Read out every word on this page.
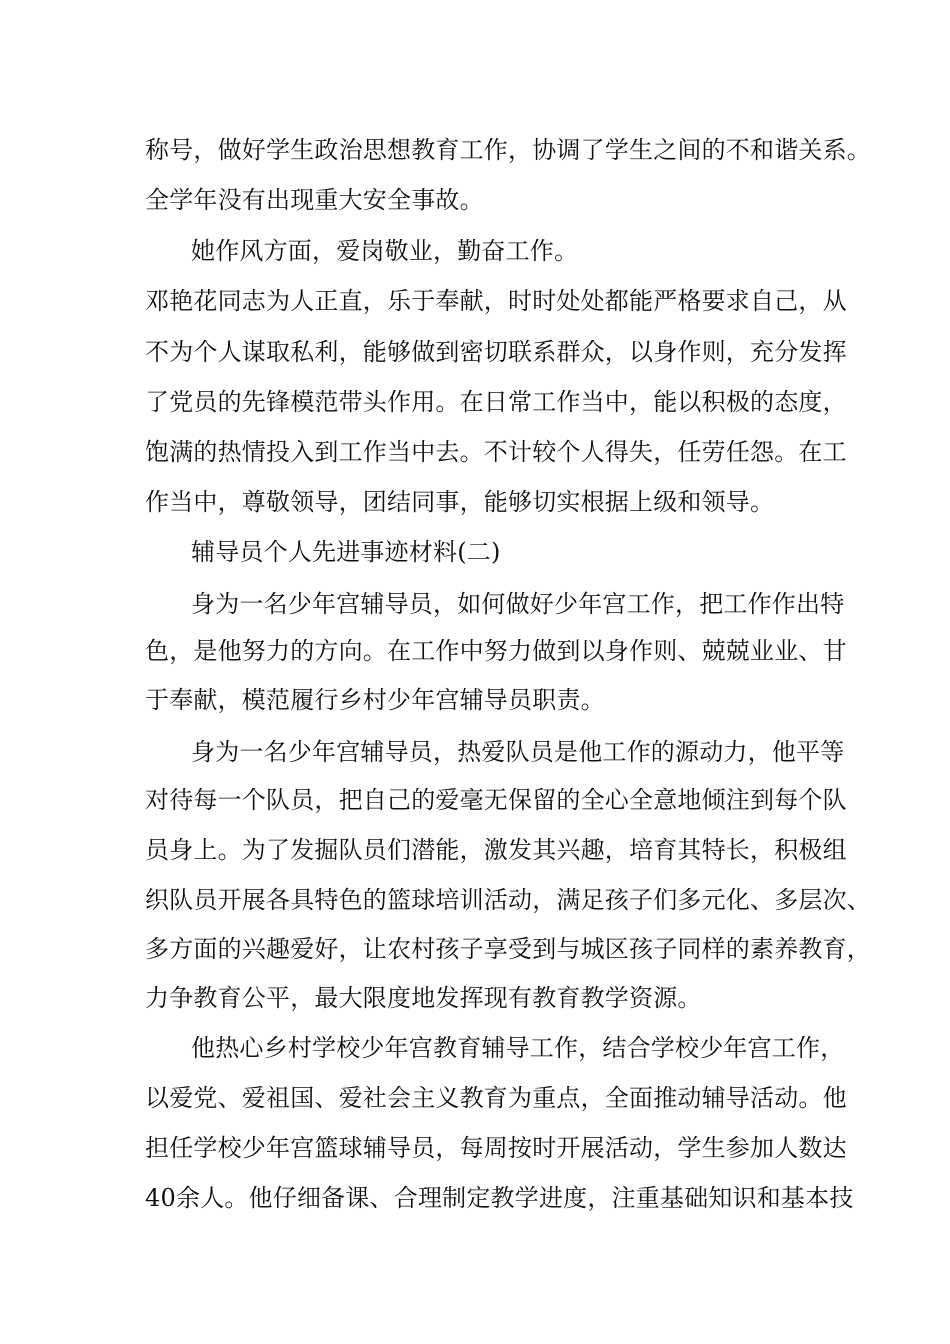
称号，做好学生政治思想教育工作，协调了学生之间的不和谐关系。
全学年没有出现重大安全事故。
她作风方面，爱岗敬业，勤奋工作。
邓艳花同志为人正直，乐于奉献，时时处处都能严格要求自己，从
不为个人谋取私利，能够做到密切联系群众，以身作则，充分发挥
了党员的先锋模范带头作用。在日常工作当中，能以积极的态度，
饱满的热情投入到工作当中去。不计较个人得失，任劳任怨。在工
作当中，尊敬领导，团结同事，能够切实根据上级和领导。
辅导员个人先进事迹材料(二)
身为一名少年宫辅导员，如何做好少年宫工作，把工作作出特
色，是他努力的方向。在工作中努力做到以身作则、兢兢业业、甘
于奉献，模范履行乡村少年宫辅导员职责。
身为一名少年宫辅导员，热爱队员是他工作的源动力，他平等
对待每一个队员，把自己的爱毫无保留的全心全意地倾注到每个队
员身上。为了发掘队员们潜能，激发其兴趣，培育其特长，积极组
织队员开展各具特色的篮球培训活动，满足孩子们多元化、多层次、
多方面的兴趣爱好，让农村孩子享受到与城区孩子同样的素养教育，
力争教育公平，最大限度地发挥现有教育教学资源。
他热心乡村学校少年宫教育辅导工作，结合学校少年宫工作，
以爱党、爱祖国、爱社会主义教育为重点，全面推动辅导活动。他
担任学校少年宫篮球辅导员，每周按时开展活动，学生参加人数达
40余人。他仔细备课、合理制定教学进度，注重基础知识和基本技
